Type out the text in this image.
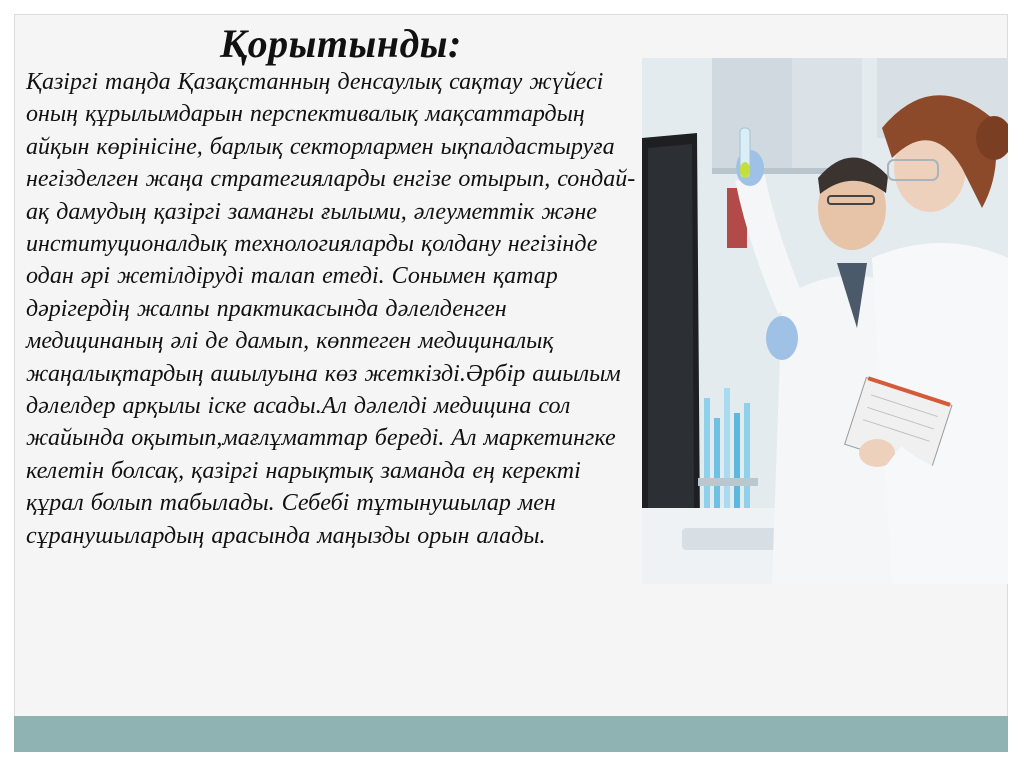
Қорытынды:

Қазіргі таңда Қазақстанның денсаулық сақтау жүйесі оның құрылымдарын перспективалық мақсаттардың айқын көрінісіне, барлық секторлармен ықпалдастыруға негізделген жаңа стратегияларды енгізе отырып, сондай-ақ дамудың қазіргі заманғы ғылыми, әлеуметтік және институционалдық технологияларды қолдану негізінде одан әрі жетілдіруді талап етеді. Сонымен қатар дәрігердің жалпы практикасында дәлелденген медицинаның әлі де дамып, көптеген медициналық жаңалықтардың ашылуына көз жеткізді.Әрбір ашылым дәлелдер арқылы іске асады.Ал дәлелді медицина сол жайында оқытып,мағлұматтар береді. Ал маркетингке келетін болсақ, қазіргі нарықтық заманда ең керекті құрал болып табылады. Себебі тұтынушылар мен сұранушылардың арасында маңызды орын алады.
